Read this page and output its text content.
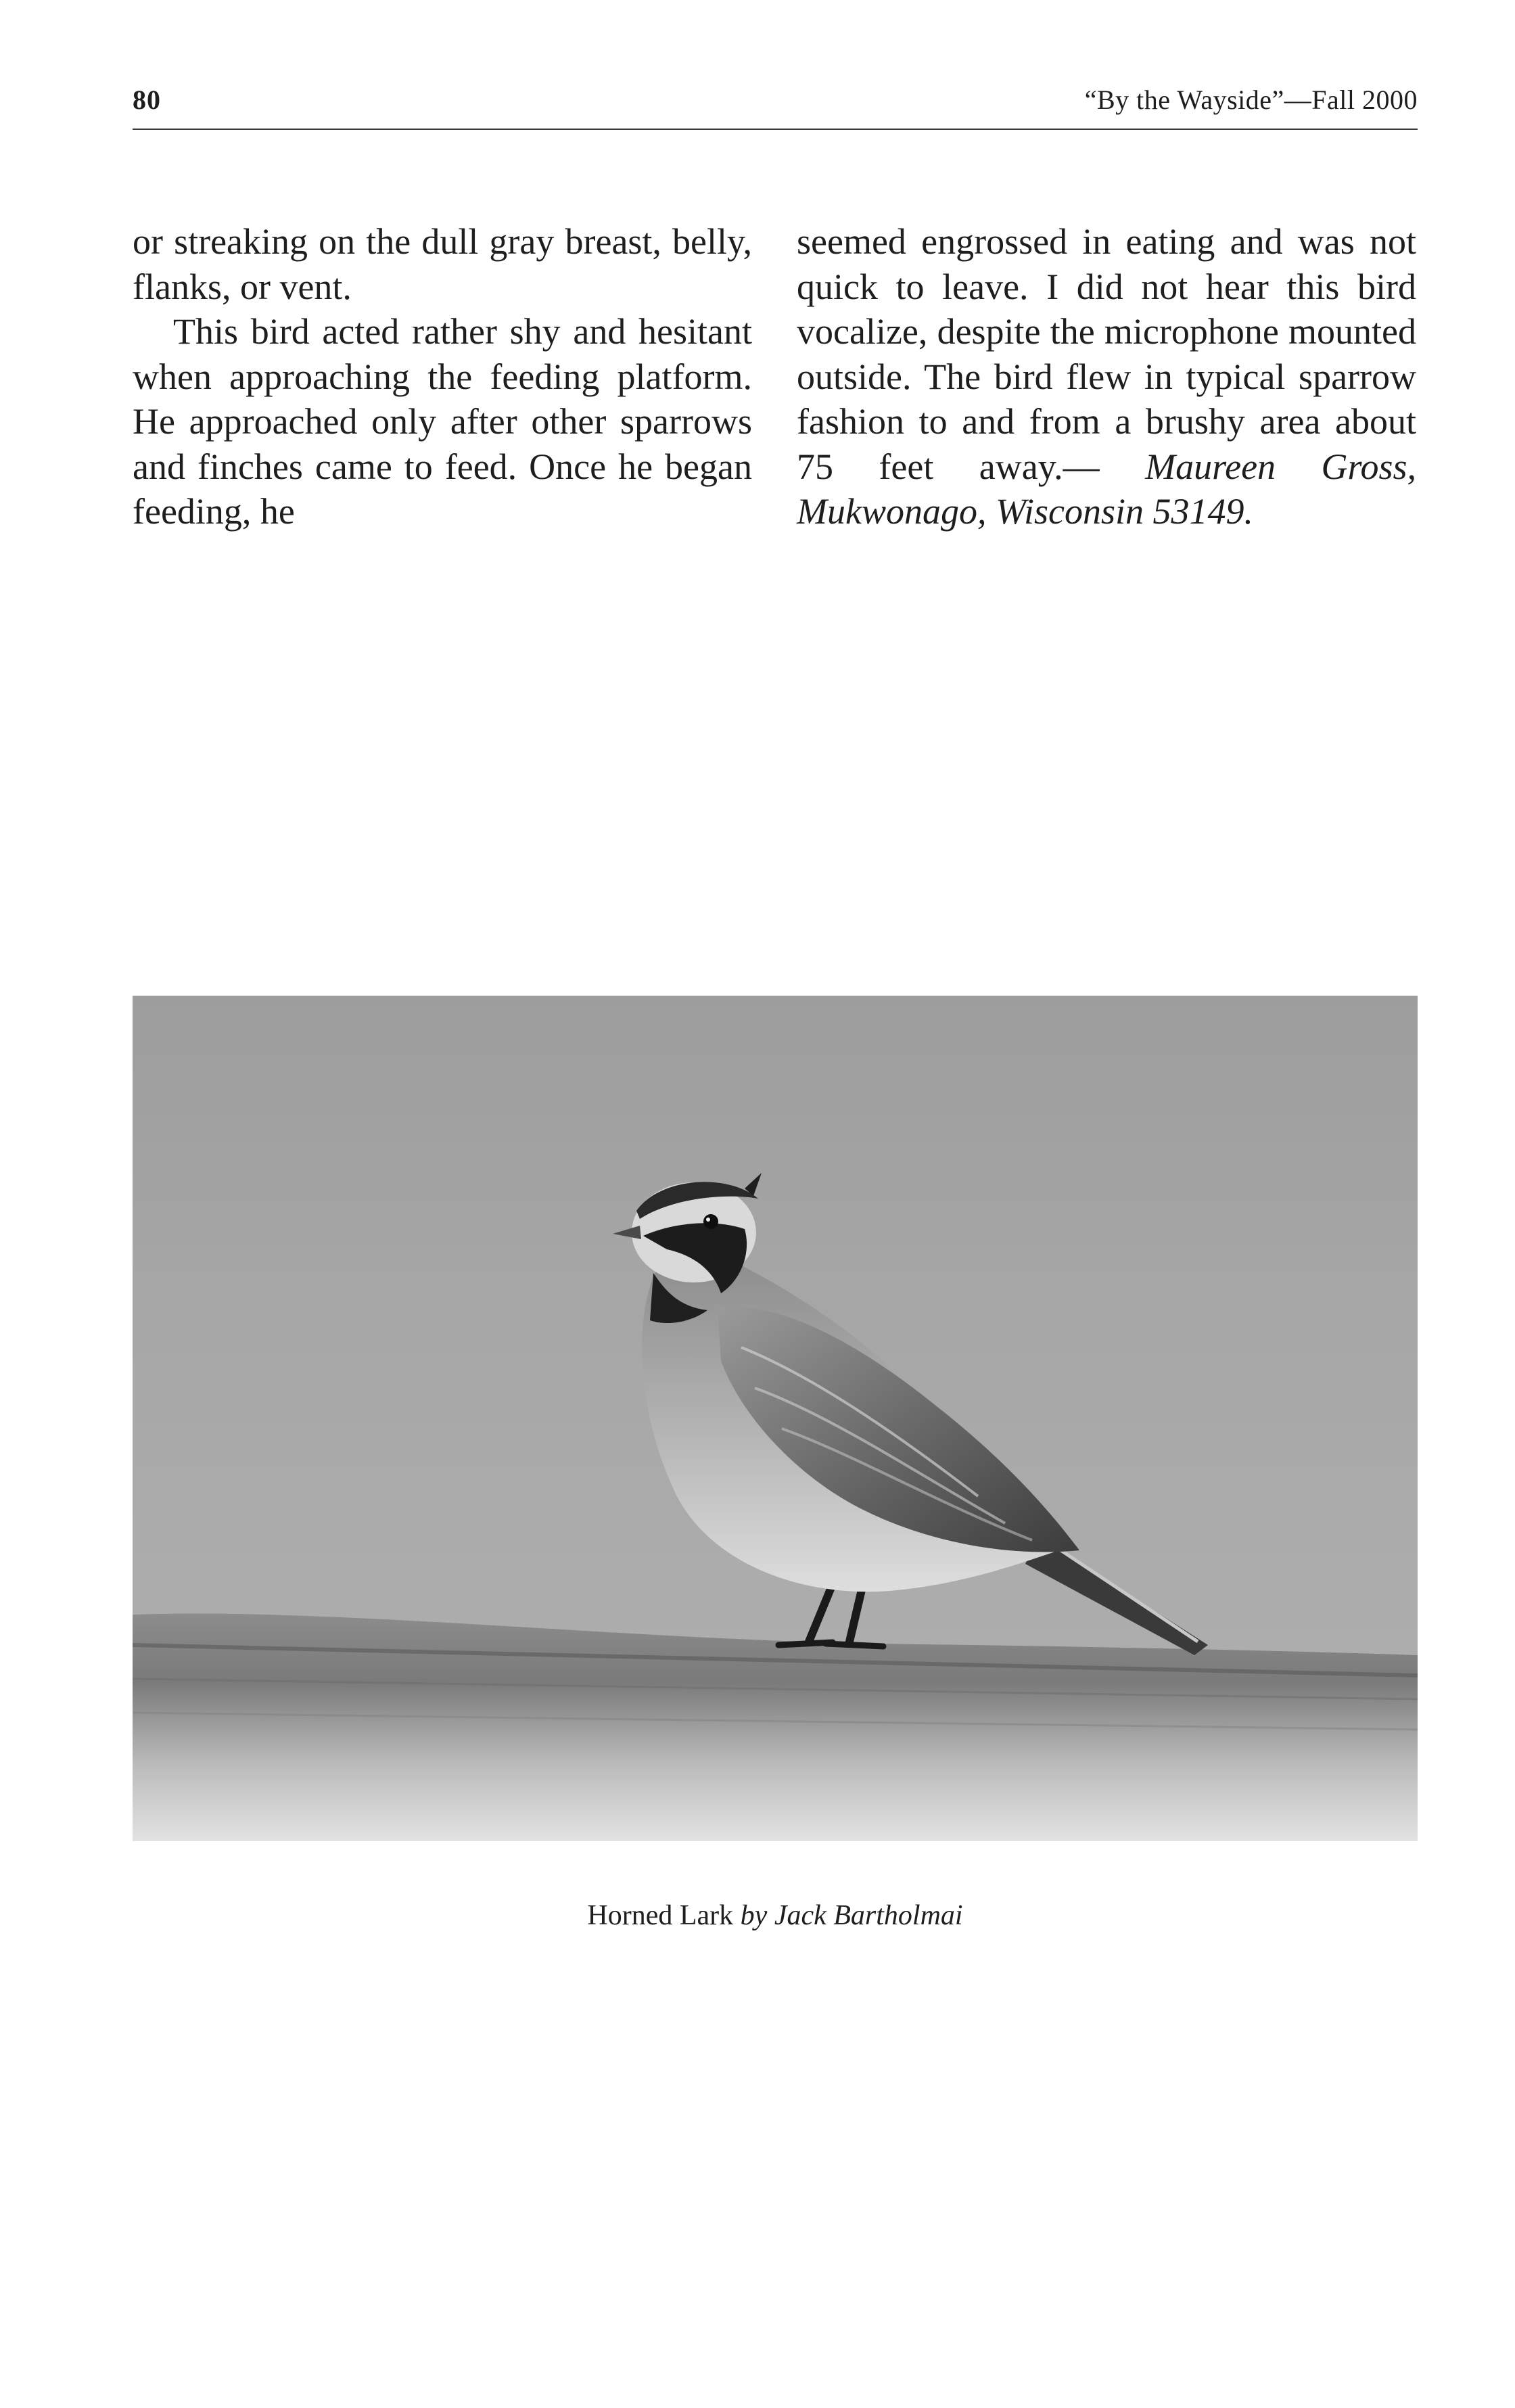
80	“By the Wayside”—Fall 2000

or streaking on the dull gray breast, belly, flanks, or vent.

This bird acted rather shy and hesitant when approaching the feeding platform. He approached only after other sparrows and finches came to feed. Once he began feeding, he

seemed engrossed in eating and was not quick to leave. I did not hear this bird vocalize, despite the microphone mounted outside. The bird flew in typical sparrow fashion to and from a brushy area about 75 feet away.— Maureen Gross, Mukwonago, Wisconsin 53149.

Horned Lark by Jack Bartholmai
